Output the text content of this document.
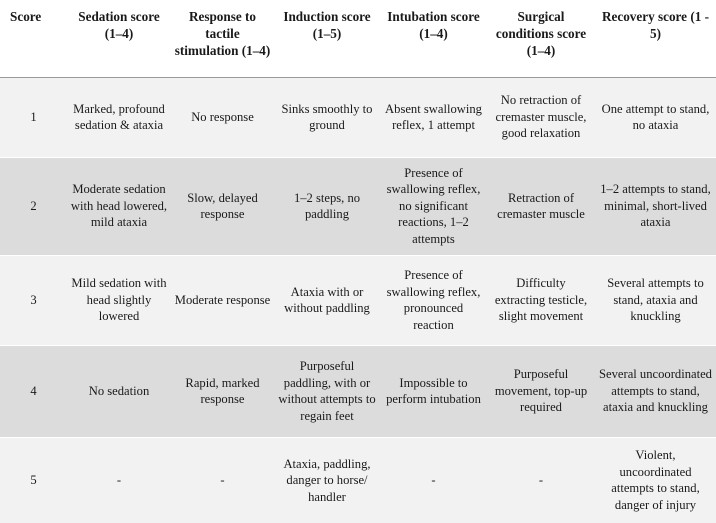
Score	Sedation score (1–4)	Response to tactile stimulation (1–4)	Induction score (1–5)	Intubation score (1–4)	Surgical conditions score (1–4)	Recovery score (1 - 5)
1	Marked, profound sedation & ataxia	No response	Sinks smoothly to ground	Absent swallowing reflex, 1 attempt	No retraction of cremaster muscle, good relaxation	One attempt to stand, no ataxia
2	Moderate sedation with head lowered, mild ataxia	Slow, delayed response	1–2 steps, no paddling	Presence of swallowing reflex, no significant reactions, 1–2 attempts	Retraction of cremaster muscle	1–2 attempts to stand, minimal, short-lived ataxia
3	Mild sedation with head slightly lowered	Moderate response	Ataxia with or without paddling	Presence of swallowing reflex, pronounced reaction	Difficulty extracting testicle, slight movement	Several attempts to stand, ataxia and knuckling
4	No sedation	Rapid, marked response	Purposeful paddling, with or without attempts to regain feet	Impossible to perform intubation	Purposeful movement, top-up required	Several uncoordinated attempts to stand, ataxia and knuckling
5	-	-	Ataxia, paddling, danger to horse/ handler	-	-	Violent, uncoordinated attempts to stand, danger of injury
